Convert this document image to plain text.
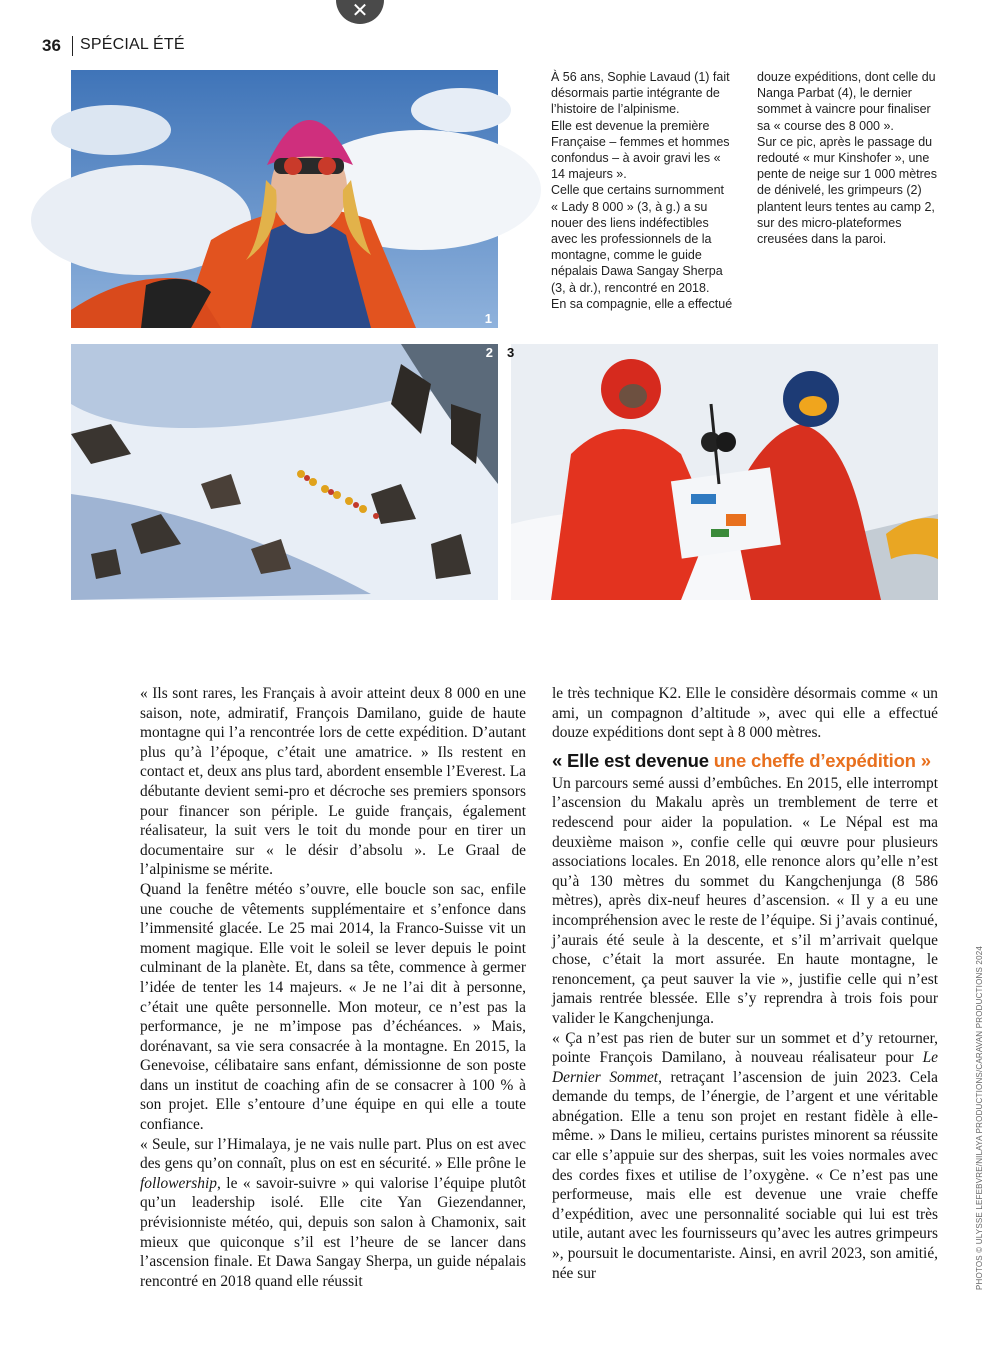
✕
36 SPÉCIAL ÉTÉ
1

À 56 ans, Sophie Lavaud (1) fait désormais partie intégrante de l’histoire de l’alpinisme.

Elle est devenue la première Française – femmes et hommes confondus – à avoir gravi les « 14 majeurs ».

Celle que certains surnomment « Lady 8 000 » (3, à g.) a su nouer des liens indéfectibles avec les professionnels de la montagne, comme le guide népalais Dawa Sangay Sherpa (3, à dr.), rencontré en 2018.

En sa compagnie, elle a effectué

douze expéditions, dont celle du Nanga Parbat (4), le dernier sommet à vaincre pour finaliser sa « course des 8 000 ».

Sur ce pic, après le passage du redouté « mur Kinshofer », une pente de neige sur 1 000 mètres de dénivelé, les grimpeurs (2) plantent leurs tentes au camp 2, sur des micro-plateformes creusées dans la paroi.

2 3

« Ils sont rares, les Français à avoir atteint deux 8 000 en une saison, note, admiratif, François Damilano, guide de haute montagne qui l’a rencontrée lors de cette expédition. D’autant plus qu’à l’époque, c’était une amatrice. » Ils restent en contact et, deux ans plus tard, abordent ensemble l’Everest. La débutante devient semi-pro et décroche ses premiers sponsors pour financer son périple. Le guide français, également réalisateur, la suit vers le toit du monde pour en tirer un documentaire sur « le désir d’absolu ». Le Graal de l’alpinisme se mérite.

Quand la fenêtre météo s’ouvre, elle boucle son sac, enfile une couche de vêtements supplémentaire et s’enfonce dans l’immensité glacée. Le 25 mai 2014, la Franco-Suisse vit un moment magique. Elle voit le soleil se lever depuis le point culminant de la planète. Et, dans sa tête, commence à germer l’idée de tenter les 14 majeurs. « Je ne l’ai dit à personne, c’était une quête personnelle. Mon moteur, ce n’est pas la performance, je ne m’impose pas d’échéances. » Mais, dorénavant, sa vie sera consacrée à la montagne. En 2015, la Genevoise, célibataire sans enfant, démissionne de son poste dans un institut de coaching afin de se consacrer à 100 % à son projet. Elle s’entoure d’une équipe en qui elle a toute confiance.

« Seule, sur l’Himalaya, je ne vais nulle part. Plus on est avec des gens qu’on connaît, plus on est en sécurité. » Elle prône le followership, le « savoir-suivre » qui valorise l’équipe plutôt qu’un leadership isolé. Elle cite Yan Giezendanner, prévisionniste météo, qui, depuis son salon à Chamonix, sait mieux que quiconque s’il est l’heure de se lancer dans l’ascension finale. Et Dawa Sangay Sherpa, un guide népalais rencontré en 2018 quand elle réussit

le très technique K2. Elle le considère désormais comme « un ami, un compagnon d’altitude », avec qui elle a effectué douze expéditions dont sept à 8 000 mètres.

« Elle est devenue une cheffe d’expédition »

Un parcours semé aussi d’embûches. En 2015, elle interrompt l’ascension du Makalu après un tremblement de terre et redescend pour aider la population. « Le Népal est ma deuxième maison », confie celle qui œuvre pour plusieurs associations locales. En 2018, elle renonce alors qu’elle n’est qu’à 130 mètres du sommet du Kangchenjunga (8 586 mètres), après dix-neuf heures d’ascension. « Il y a eu une incompréhension avec le reste de l’équipe. Si j’avais continué, j’aurais été seule à la descente, et s’il m’arrivait quelque chose, c’était la mort assurée. En haute montagne, le renoncement, ça peut sauver la vie », justifie celle qui n’est jamais rentrée blessée. Elle s’y reprendra à trois fois pour valider le Kangchenjunga.

« Ça n’est pas rien de buter sur un sommet et d’y retourner, pointe François Damilano, à nouveau réalisateur pour Le Dernier Sommet, retraçant l’ascension de juin 2023. Cela demande du temps, de l’énergie, de l’argent et une véritable abnégation. Elle a tenu son projet en restant fidèle à elle-même. » Dans le milieu, certains puristes minorent sa réussite car elle s’appuie sur des sherpas, suit les voies normales avec des cordes fixes et utilise de l’oxygène. « Ce n’est pas une performeuse, mais elle est devenue une vraie cheffe d’expédition, avec une personnalité sociable qui lui est très utile, autant avec les fournisseurs qu’avec les autres grimpeurs », poursuit le documentariste. Ainsi, en avril 2023, son amitié, née sur	PHOTOS © ULYSSE LEFEBVRE/NILAYA PRODUCTIONS/CARAVAN PRODUCTIONS 2024
